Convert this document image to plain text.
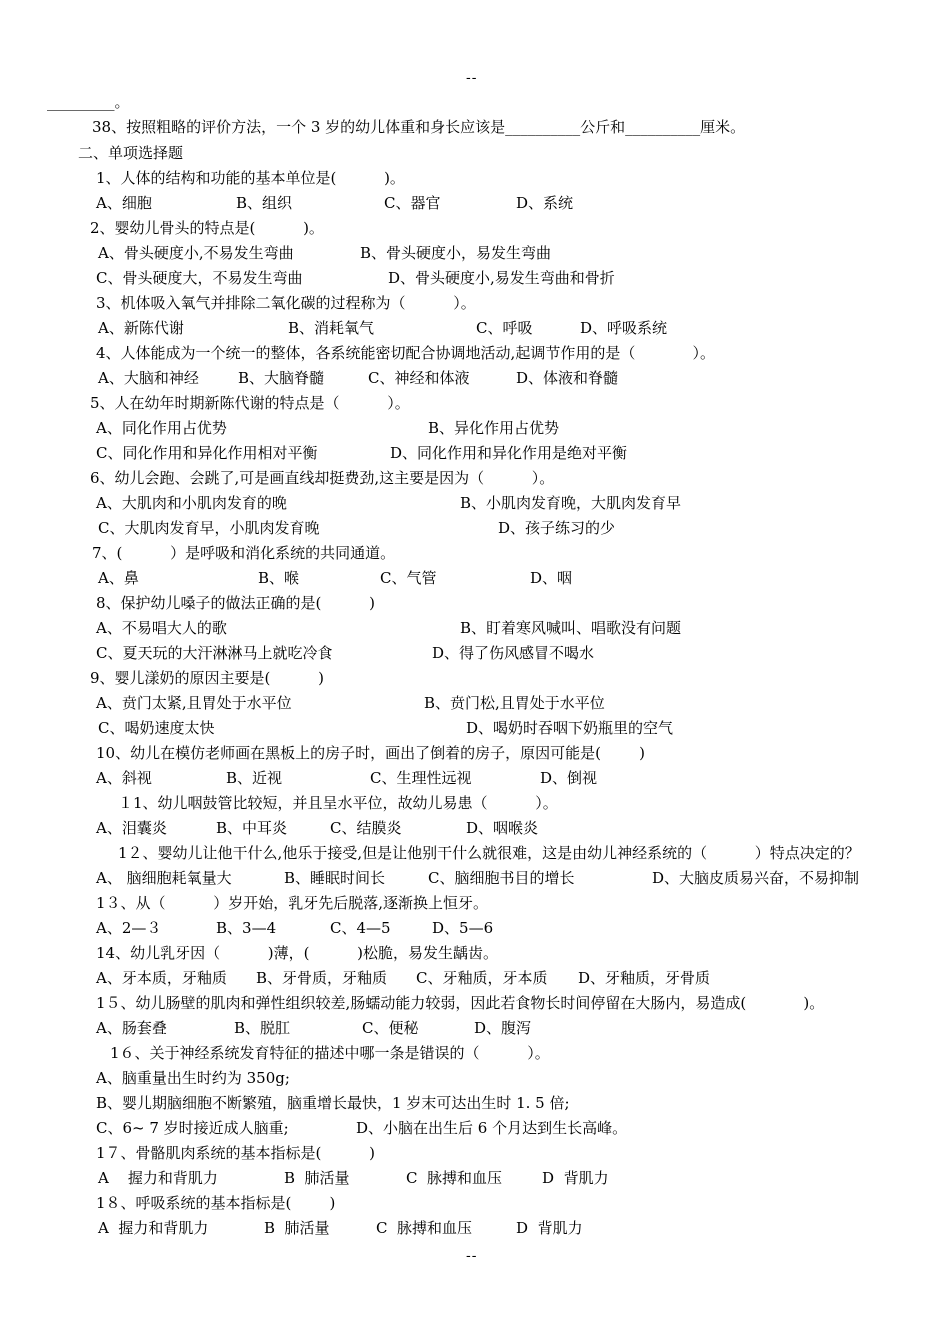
--
_________。
38、按照粗略的评价方法，一个 3 岁的幼儿体重和身长应该是__________公斤和__________厘米。
二、单项选择题
1、人体的结构和功能的基本单位是(          )。
A、细胞	B、组织	C、器官	D、系统
2、婴幼儿骨头的特点是(          )。
A、骨头硬度小,不易发生弯曲	B、骨头硬度小，易发生弯曲
C、骨头硬度大，不易发生弯曲	D、骨头硬度小,易发生弯曲和骨折
3、机体吸入氧气并排除二氧化碳的过程称为（          ）。
A、新陈代谢	B、消耗氧气	C、呼吸	D、呼吸系统
4、人体能成为一个统一的整体，各系统能密切配合协调地活动,起调节作用的是（            ）。
A、大脑和神经	B、大脑脊髓	C、神经和体液	D、体液和脊髓
5、人在幼年时期新陈代谢的特点是（          ）。
A、同化作用占优势	B、异化作用占优势
C、同化作用和异化作用相对平衡	D、同化作用和异化作用是绝对平衡
6、幼儿会跑、会跳了,可是画直线却挺费劲,这主要是因为（          ）。
A、大肌肉和小肌肉发育的晚	B、小肌肉发育晚，大肌肉发育早
C、大肌肉发育早，小肌肉发育晚	D、孩子练习的少
7、(          ）是呼吸和消化系统的共同通道。
A、鼻	B、喉	C、气管	D、咽
8、保护幼儿嗓子的做法正确的是(          )
A、不易唱大人的歌	B、盯着寒风喊叫、唱歌没有问题
C、夏天玩的大汗淋淋马上就吃冷食	D、得了伤风感冒不喝水
9、婴儿漾奶的原因主要是(          )
A、贲门太紧,且胃处于水平位	B、贲门松,且胃处于水平位
C、喝奶速度太快	D、喝奶时吞咽下奶瓶里的空气
10、幼儿在模仿老师画在黑板上的房子时，画出了倒着的房子，原因可能是(        )
A、斜视	B、近视	C、生理性远视	D、倒视
１1、幼儿咽鼓管比较短，并且呈水平位，故幼儿易患（          ）。
A、泪囊炎	B、中耳炎	C、结膜炎	D、咽喉炎
1２、婴幼儿让他干什么,他乐于接受,但是让他别干什么就很难，这是由幼儿神经系统的（          ）特点决定的？
A、 脑细胞耗氧量大	B、睡眠时间长	C、脑细胞书目的增长	D、大脑皮质易兴奋，不易抑制
1３、从（          ）岁开始，乳牙先后脱落,逐渐换上恒牙。
A、2—３	B、3—4	C、4—5	D、5—6
14、幼儿乳牙因（          )薄，(          )松脆，易发生龋齿。
A、牙本质，牙釉质 B、牙骨质，牙釉质 C、牙釉质，牙本质 D、牙釉质，牙骨质
1５、幼儿肠壁的肌肉和弹性组织较差,肠蠕动能力较弱，因此若食物长时间停留在大肠内，易造成(            )。
A、肠套叠	B、脱肛	C、便秘	D、腹泻
1６、关于神经系统发育特征的描述中哪一条是错误的（          ）。
A、脑重量出生时约为 350g;
B、婴儿期脑细胞不断繁殖，脑重增长最快，1 岁末可达出生时 1. 5 倍;
C、6~ 7 岁时接近成人脑重;	D、小脑在出生后 6 个月达到生长高峰。
1７、骨骼肌肉系统的基本指标是(          )
A    握力和背肌力	B  肺活量	C  脉搏和血压	D  背肌力
1８、呼吸系统的基本指标是(        )
A  握力和背肌力	B  肺活量	C  脉搏和血压	D  背肌力
--
